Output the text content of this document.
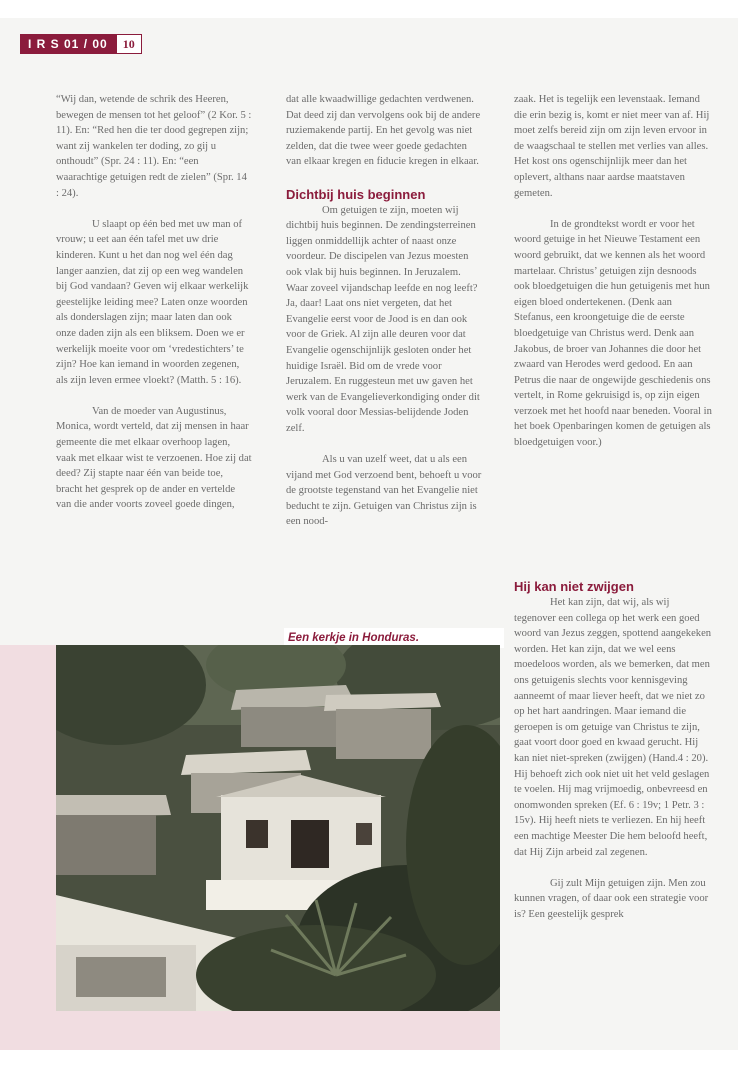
I R S 01 / 00	10

“Wij dan, wetende de schrik des Heeren, bewegen de mensen tot het geloof” (2 Kor. 5 : 11). En: “Red hen die ter dood gegrepen zijn; want zij wankelen ter doding, zo gij u onthoudt” (Spr. 24 : 11). En: “een waarachtige getuigen redt de zielen” (Spr. 14 : 24).

U slaapt op één bed met uw man of vrouw; u eet aan één tafel met uw drie kinderen. Kunt u het dan nog wel één dag langer aanzien, dat zij op een weg wandelen bij God vandaan? Geven wij elkaar werkelijk geestelijke leiding mee? Laten onze woorden als donderslagen zijn; maar laten dan ook onze daden zijn als een bliksem. Doen we er werkelijk moeite voor om ‘vredestichters’ te zijn? Hoe kan iemand in woorden zegenen, als zijn leven ermee vloekt? (Matth. 5 : 16).

Van de moeder van Augustinus, Monica, wordt verteld, dat zij mensen in haar gemeente die met elkaar overhoop lagen, vaak met elkaar wist te verzoenen. Hoe zij dat deed? Zij stapte naar één van beide toe, bracht het gesprek op de ander en vertelde van die ander voorts zoveel goede dingen,

dat alle kwaadwillige gedachten verdwenen. Dat deed zij dan vervolgens ook bij de andere ruziemakende partij. En het gevolg was niet zelden, dat die twee weer goede gedachten van elkaar kregen en fiducie kregen in elkaar.

Dichtbij huis beginnen

Om getuigen te zijn, moeten wij dichtbij huis beginnen. De zendingsterreinen liggen onmiddellijk achter of naast onze voordeur. De discipelen van Jezus moesten ook vlak bij huis beginnen. In Jeruzalem. Waar zoveel vijandschap leefde en nog leeft? Ja, daar! Laat ons niet vergeten, dat het Evangelie eerst voor de Jood is en dan ook voor de Griek. Al zijn alle deuren voor dat Evangelie ogenschijnlijk gesloten onder het huidige Israël. Bid om de vrede voor Jeruzalem. En ruggesteun met uw gaven het werk van de Evangelieverkondiging onder dit volk vooral door Messias-belijdende Joden zelf.

Als u van uzelf weet, dat u als een vijand met God verzoend bent, behoeft u voor de grootste tegenstand van het Evangelie niet beducht te zijn. Getuigen van Christus zijn is een nood-

zaak. Het is tegelijk een levenstaak. Iemand die erin bezig is, komt er niet meer van af. Hij moet zelfs bereid zijn om zijn leven ervoor in de waagschaal te stellen met verlies van alles. Het kost ons ogenschijnlijk meer dan het oplevert, althans naar aardse maatstaven gemeten.

In de grondtekst wordt er voor het woord getuige in het Nieuwe Testament een woord gebruikt, dat we kennen als het woord martelaar. Christus’ getuigen zijn desnoods ook bloedgetuigen die hun getuigenis met hun eigen bloed ondertekenen. (Denk aan Stefanus, een kroongetuige die de eerste bloedgetuige van Christus werd. Denk aan Jakobus, de broer van Johannes die door het zwaard van Herodes werd gedood. En aan Petrus die naar de ongewijde geschiedenis ons vertelt, in Rome gekruisigd is, op zijn eigen verzoek met het hoofd naar beneden. Vooral in het boek Openbaringen komen de getuigen als bloedgetuigen voor.)

Hij kan niet zwijgen

Het kan zijn, dat wij, als wij tegenover een collega op het werk een goed woord van Jezus zeggen, spottend aangekeken worden. Het kan zijn, dat we wel eens moedeloos worden, als we bemerken, dat men ons getuigenis slechts voor kennisgeving aanneemt of maar liever heeft, dat we niet zo op het hart aandringen. Maar iemand die geroepen is om getuige van Christus te zijn, gaat voort door goed en kwaad gerucht. Hij kan niet niet-spreken (zwijgen) (Hand.4 : 20). Hij behoeft zich ook niet uit het veld geslagen te voelen. Hij mag vrijmoedig, onbevreesd en onomwonden spreken (Ef. 6 : 19v; 1 Petr. 3 : 15v). Hij heeft niets te verliezen. En hij heeft een machtige Meester Die hem beloofd heeft, dat Hij Zijn arbeid zal zegenen.

Gij zult Mijn getuigen zijn. Men zou kunnen vragen, of daar ook een strategie voor is? Een geestelijk gesprek

Een kerkje in Honduras.
